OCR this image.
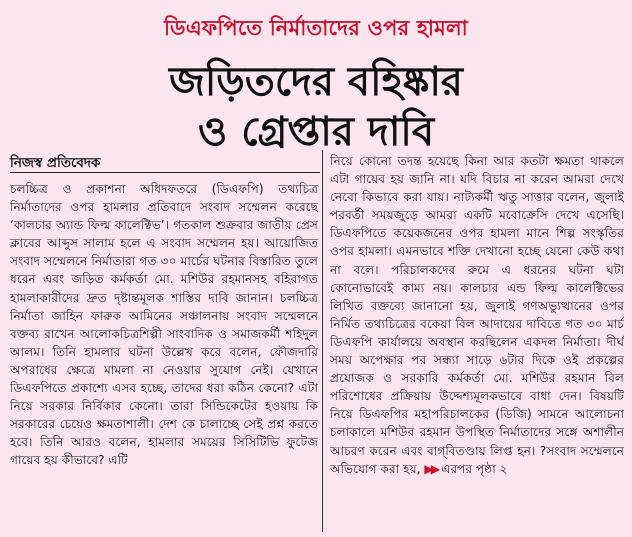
ডিএফপিতে নির্মাতাদের ওপর হামলা
জড়িতদের বহিষ্কার
ও গ্রেপ্তার দাবি
নিজস্ব প্রতিবেদক

চলচ্চিত্র ও প্রকাশনা অধিদফতরে (ডিএফপি) তথ্যচিত্র নির্মাতাদের ওপর হামলার প্রতিবাদে সংবাদ সম্মেলন করেছে ‘কালচার অ্যান্ড ফিল্ম কালেক্টিভ’। গতকাল শুক্রবার জাতীয় প্রেস ক্লাবের আব্দুস সালাম হলে এ সংবাদ সম্মেলন হয়। আয়োজিত সংবাদ সম্মেলনে নির্মাতারা গত ৩০ মার্চের ঘটনার বিস্তারিত তুলে ধরেন এবং জড়িত কর্মকর্তা মো. মশিউর রহমানসহ বহিরাগত হামলাকারীদের দ্রুত দৃষ্টান্তমূলক শাস্তির দাবি জানান। চলচ্চিত্র নির্মাতা জাহিন ফারুক আমিনের সঞ্চালনায় সংবাদ সম্মেলনে বক্তব্য রাখেন আলোকচিত্রশিল্পী সাংবাদিক ও সমাজকর্মী শহিদুল আলম। তিনি হামলার ঘটনা উল্লেখ করে বলেন, ফৌজদারি অপরাধের ক্ষেত্রে মামলা না নেওয়ার সুযোগ নেই। যেখানে ডিএফপিতে প্রকাশ্যে এসব হচ্ছে, তাদের ধরা কঠিন কেনো? এটা নিয়ে সরকার নির্বিকার কেনো। তারা সিন্ডিকেটের হওয়ায় কি সরকারের চেয়েও ক্ষমতাশালী। দেশ কে চালাচ্ছে সেই প্রশ্ন করতে হবে। তিনি আরও বলেন, হামলার সময়ের সিসিটিভি ফুটেজ গায়েব হয় কীভাবে? এটি

নিয়ে কোনো তদন্ত হয়েছে কিনা আর কতটা ক্ষমতা থাকলে এটা গায়েব হয় জানি না। যদি বিচার না করেন আমরা দেখে নেবো কিভাবে করা যায়। নাট্যকর্মী ঋতু সাত্তার বলেন, জুলাই পরবর্তী সময়জুড়ে আমরা একটি মবোক্রেসি দেখে এসেছি। ডিএফপিতে কয়েকজনের ওপর হামলা মানে শিল্প সংস্কৃতির ওপর হামলা। এমনভাবে শক্তি দেখানো হচ্ছে যেনো কেউ কথা না বলে। পরিচালকদের রুমে এ ধরনের ঘটনা ঘটা কোনোভাবেই কাম্য নয়। কালচার এন্ড ফিল্ম কালেক্টিভের লিখিত বক্তব্যে জানানো হয়, জুলাই গণঅভ্যুত্থানের ওপর নির্মিত তথ্যচিত্রের বকেয়া বিল আদায়ের দাবিতে গত ৩০ মার্চ ডিএফপি কার্যালয়ে অবস্থান করছিলেন একদল নির্মাতা। দীর্ঘ সময় অপেক্ষার পর সন্ধ্যা সাড়ে ৬টার দিকে ওই প্রকল্পের প্রযোজক ও সরকারি কর্মকর্তা মো. মশিউর রহমান বিল পরিশোধের প্রক্রিয়ায় উদ্দেশ্যমূলকভাবে বাধা দেন। বিষয়টি নিয়ে ডিএফপির মহাপরিচালকের (ডিজি) সামনে আলোচনা চলাকালে মশিউর রহমান উপস্থিত নির্মাতাদের সঙ্গে অশালীন আচরণ করেন এবং বাগ্‌বিতণ্ডায় লিপ্ত হন। ?সংবাদ সম্মেলনে অভিযোগ করা হয়, ▶▶ এরপর পৃষ্ঠা ২
